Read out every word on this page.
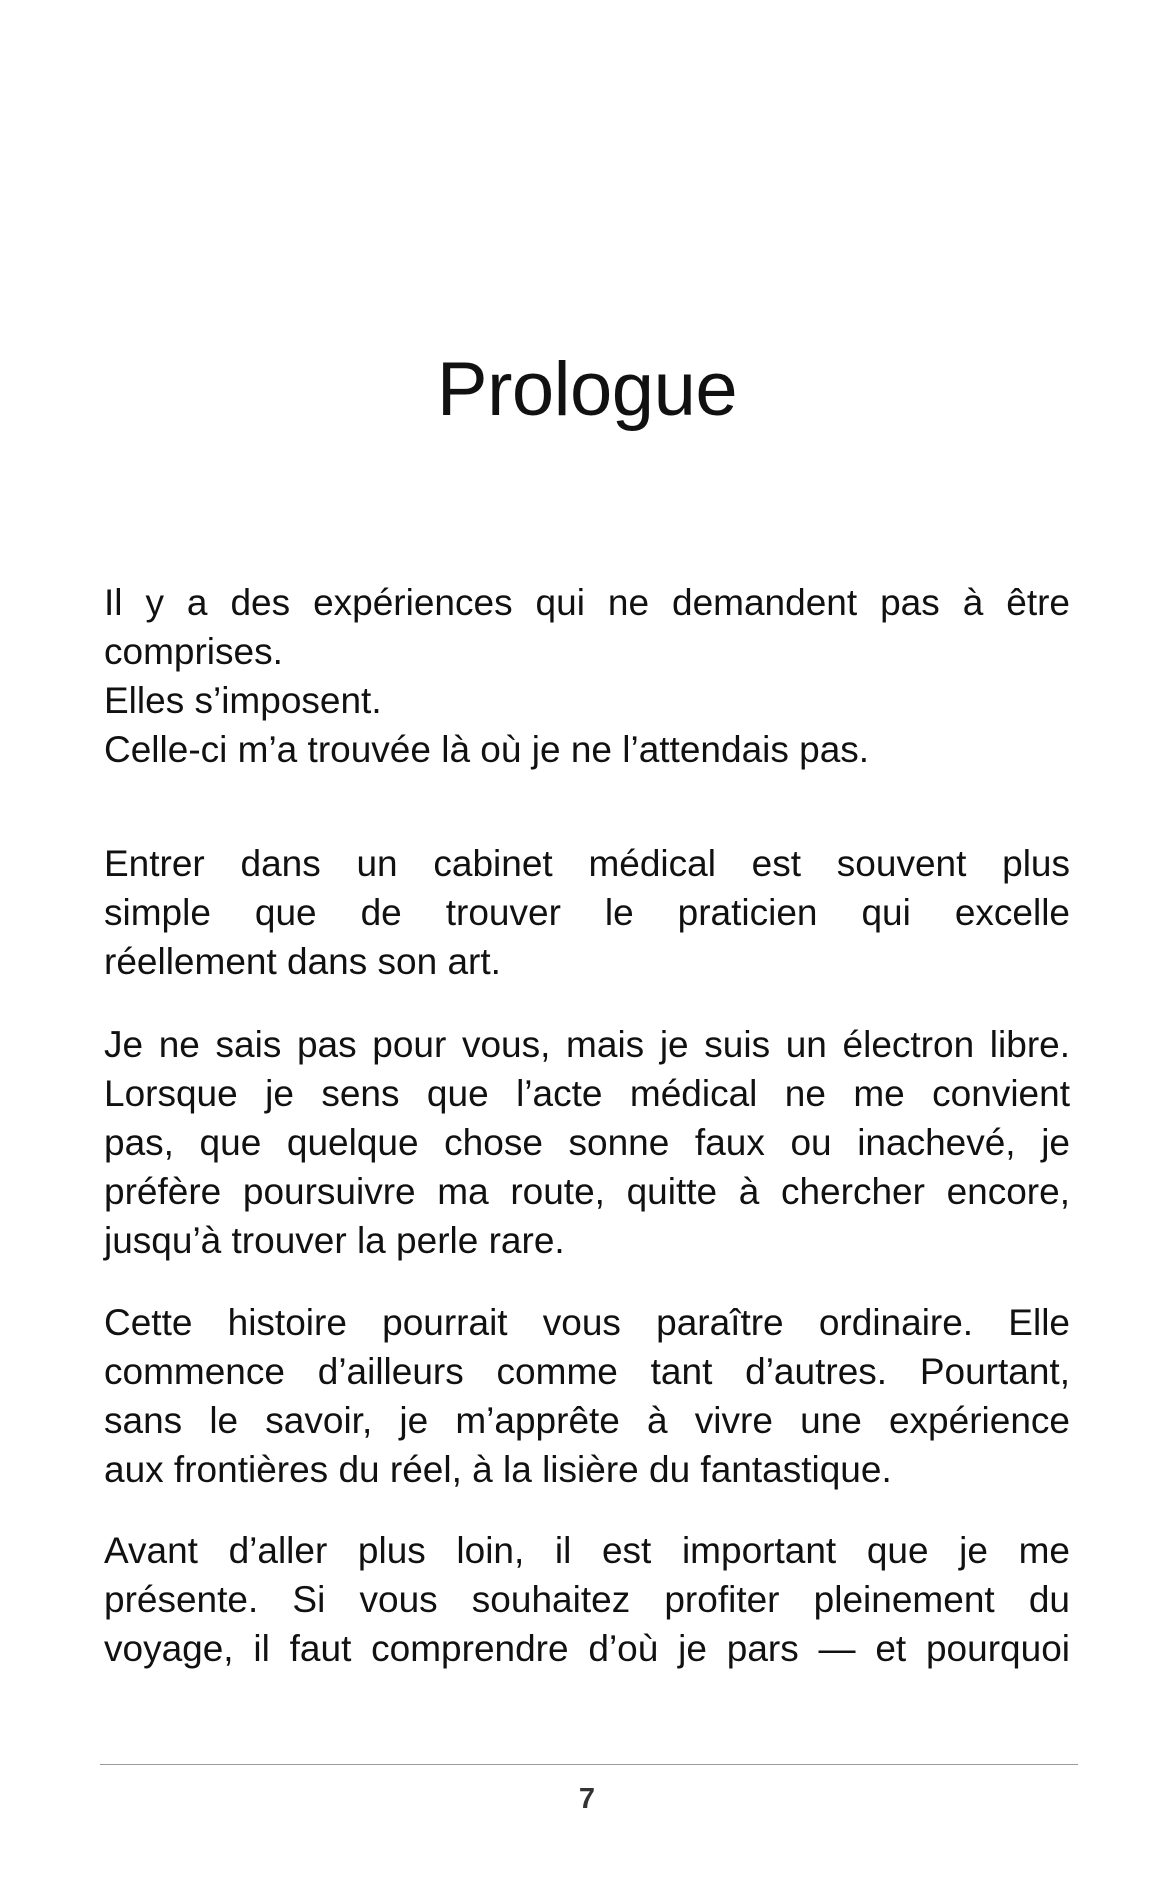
Prologue
Il y a des expériences qui ne demandent pas à être
comprises.
Elles s’imposent.
Celle-ci m’a trouvée là où je ne l’attendais pas.
Entrer dans un cabinet médical est souvent plus
simple que de trouver le praticien qui excelle
réellement dans son art.
Je ne sais pas pour vous, mais je suis un électron libre.
Lorsque je sens que l’acte médical ne me convient
pas, que quelque chose sonne faux ou inachevé, je
préfère poursuivre ma route, quitte à chercher encore,
jusqu’à trouver la perle rare.
Cette histoire pourrait vous paraître ordinaire. Elle
commence d’ailleurs comme tant d’autres. Pourtant,
sans le savoir, je m’apprête à vivre une expérience
aux frontières du réel, à la lisière du fantastique.
Avant d’aller plus loin, il est important que je me
présente. Si vous souhaitez profiter pleinement du
voyage, il faut comprendre d’où je pars — et pourquoi
7
